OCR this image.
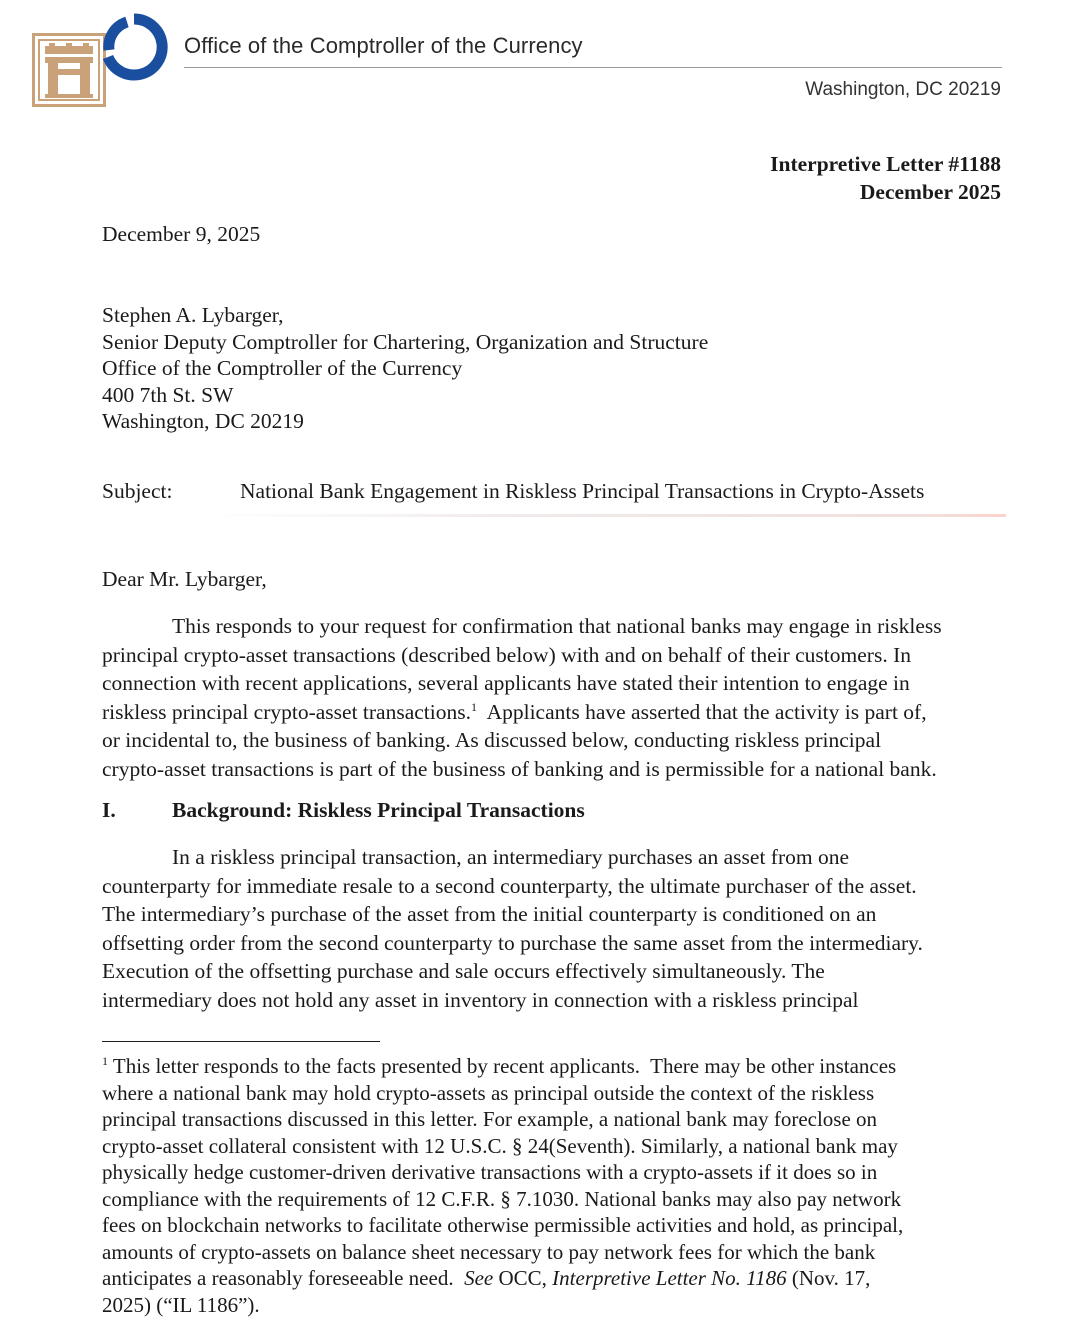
Office of the Comptroller of the Currency
Washington, DC 20219
Interpretive Letter #1188
December 2025
December 9, 2025
Stephen A. Lybarger,
Senior Deputy Comptroller for Chartering, Organization and Structure
Office of the Comptroller of the Currency
400 7th St. SW
Washington, DC 20219
Subject:	National Bank Engagement in Riskless Principal Transactions in Crypto-Assets
Dear Mr. Lybarger,
This responds to your request for confirmation that national banks may engage in riskless
principal crypto-asset transactions (described below) with and on behalf of their customers. In
connection with recent applications, several applicants have stated their intention to engage in
riskless principal crypto-asset transactions.$^1$  Applicants have asserted that the activity is part of,
or incidental to, the business of banking. As discussed below, conducting riskless principal
crypto-asset transactions is part of the business of banking and is permissible for a national bank.
I.	Background: Riskless Principal Transactions
In a riskless principal transaction, an intermediary purchases an asset from one
counterparty for immediate resale to a second counterparty, the ultimate purchaser of the asset.
The intermediary’s purchase of the asset from the initial counterparty is conditioned on an
offsetting order from the second counterparty to purchase the same asset from the intermediary.
Execution of the offsetting purchase and sale occurs effectively simultaneously. The
intermediary does not hold any asset in inventory in connection with a riskless principal
$^1$ This letter responds to the facts presented by recent applicants.  There may be other instances
where a national bank may hold crypto-assets as principal outside the context of the riskless
principal transactions discussed in this letter. For example, a national bank may foreclose on
crypto-asset collateral consistent with 12 U.S.C. § 24(Seventh). Similarly, a national bank may
physically hedge customer-driven derivative transactions with a crypto-assets if it does so in
compliance with the requirements of 12 C.F.R. § 7.1030. National banks may also pay network
fees on blockchain networks to facilitate otherwise permissible activities and hold, as principal,
amounts of crypto-assets on balance sheet necessary to pay network fees for which the bank
anticipates a reasonably foreseeable need.  See OCC, Interpretive Letter No. 1186 (Nov. 17,
2025) (“IL 1186”).
